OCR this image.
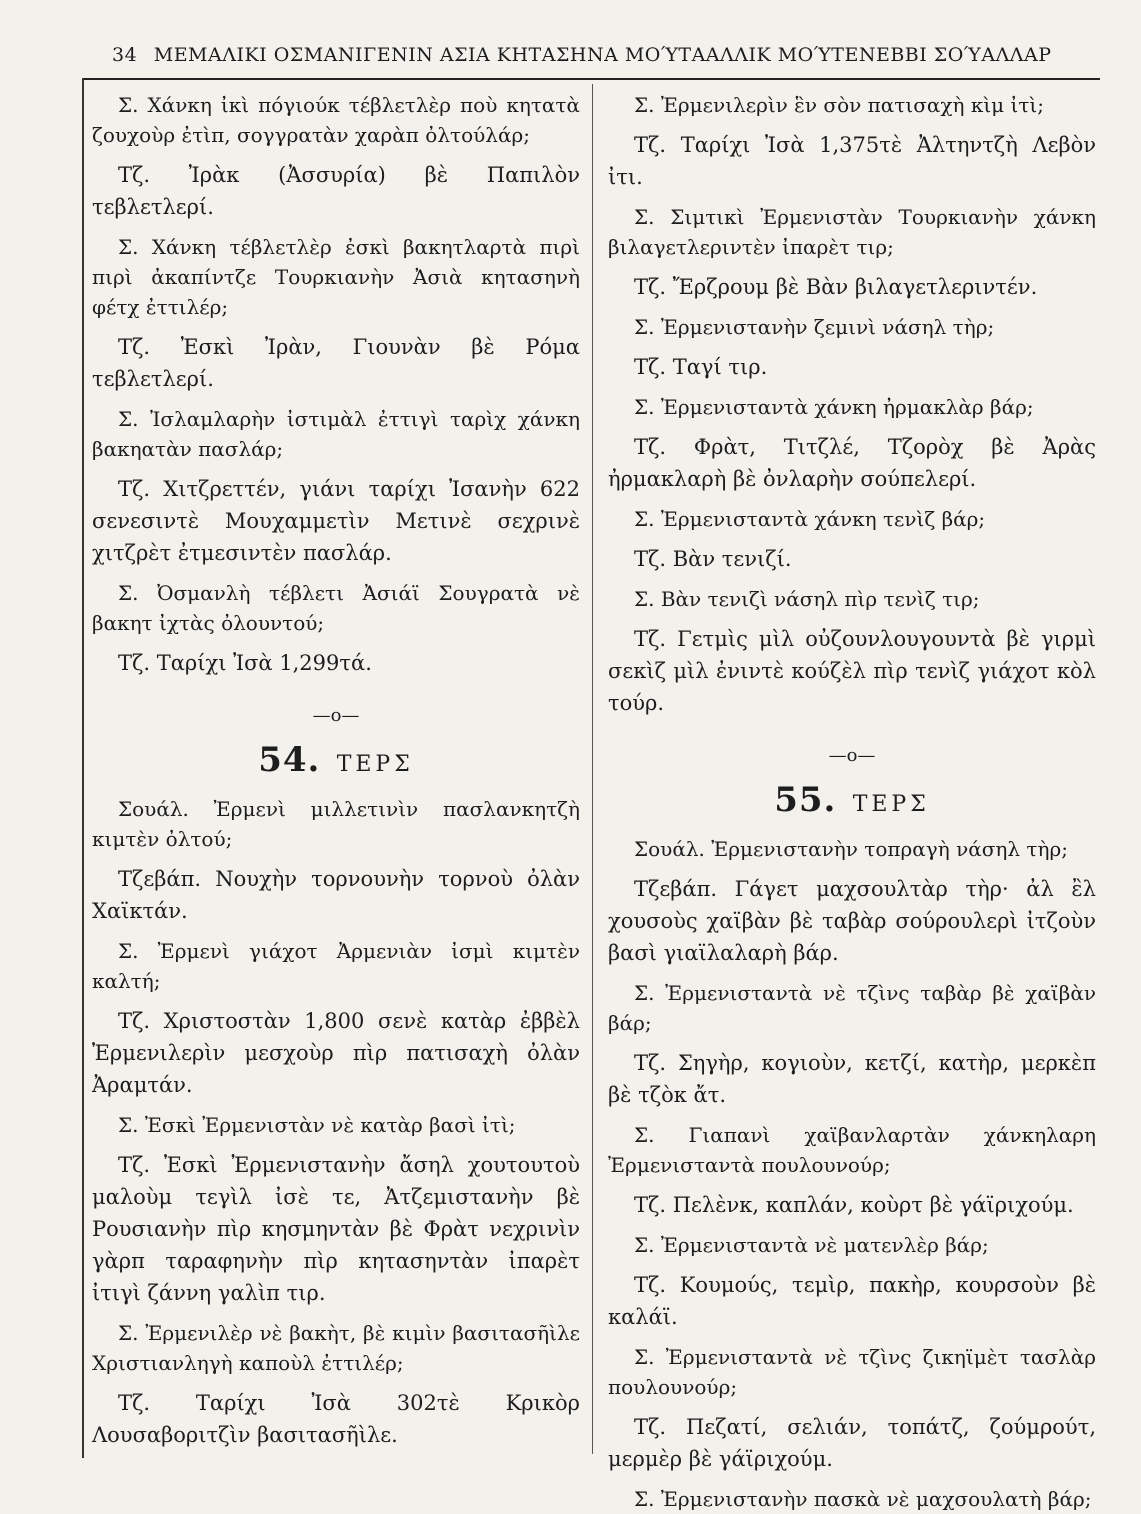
34 ΜΕΜΑΛΙΚΙ ΟΣΜΑΝΙΓΕΝΙΝ ΑΣΙΑ ΚΗΤΑΣΗΝΑ ΜΟΎΤΑΑΛΛΙΚ ΜΟΎΤΕΝΕΒΒΙ ΣΟΎΑΛΛΑΡ

Σ. Χάνκη ἰκὶ πόγιούκ τέβλετλὲρ ποὺ κητατὰ ζουχοὺρ ἐτὶπ, σογγρατὰν χαρὰπ ὀλτούλάρ;

Τζ. Ἰρὰκ (Ἀσσυρία) βὲ Παπιλὸν τεβλετλερί.

Σ. Χάνκη τέβλετλὲρ ἐσκὶ βακητλαρτὰ πιρὶ πιρὶ ἀκαπίντζε Τουρκιανὴν Ἀσιὰ κητασηνὴ φέτχ ἐττιλέρ;

Τζ. Ἐσκὶ Ἰρὰν, Γιουνὰν βὲ Ρόμα τεβλετλερί.

Σ. Ἰσλαμλαρὴν ἰστιμὰλ ἐττιγὶ ταρὶχ χάνκη βακηατὰν πασλάρ;

Τζ. Χιτζρεττέν, γιάνι ταρίχι Ἰσανὴν 622 σενεσιντὲ Μουχαμμετὶν Μετινὲ σεχρινὲ χιτζρὲτ ἐτμεσιντὲν πασλάρ.

Σ. Ὀσμανλὴ τέβλετι Ἀσιάϊ Σουγρατὰ νὲ βακητ ἰχτὰς ὀλουντού;

Τζ. Ταρίχι Ἰσὰ 1,299τά.

—ο—
54. ΤΕΡΣ

Σουάλ. Ἐρμενὶ μιλλετινὶν πασλανκητζὴ κιμτὲν ὀλτού;

Τζεβάπ. Νουχὴν τορνουνὴν τορνοὺ ὀλὰν Χαϊκτάν.

Σ. Ἐρμενὶ γιάχοτ Ἀρμενιὰν ἰσμὶ κιμτὲν καλτή;

Τζ. Χριστοστὰν 1,800 σενὲ κατὰρ ἐββὲλ Ἐρμενιλερὶν μεσχοὺρ πὶρ πατισαχὴ ὀλὰν Ἀραμτάν.

Σ. Ἐσκὶ Ἐρμενιστὰν νὲ κατὰρ βασὶ ἰτὶ;

Τζ. Ἐσκὶ Ἐρμενιστανὴν ἄσηλ χουτουτοὺ μαλοὺμ τεγὶλ ἰσὲ τε, Ἀτζεμιστανὴν βὲ Ρουσιανὴν πὶρ κησμηντὰν βὲ Φρὰτ νεχρινὶν γὰρπ ταραφηνὴν πὶρ κητασηντὰν ἰπαρὲτ ἰτιγὶ ζάννη γαλὶπ τιρ.

Σ. Ἐρμενιλὲρ νὲ βακὴτ, βὲ κιμὶν βασιτασῆὶλε Χριστιανληγὴ καποὺλ ἐττιλέρ;

Τζ. Ταρίχι Ἰσὰ 302τὲ Κρικὸρ Λουσαβοριτζὶν βασιτασῆὶλε.

Σ. Ἐρμενιλερὶν ἓν σὸν πατισαχὴ κὶμ ἰτὶ;

Τζ. Ταρίχι Ἰσὰ 1,375τὲ Ἀλτηντζὴ Λεβὸν ἰτι.

Σ. Σιμτικὶ Ἐρμενιστὰν Τουρκιανὴν χάνκη βιλαγετλεριντὲν ἰπαρὲτ τιρ;

Τζ. Ἔρζρουμ βὲ Βὰν βιλαγετλεριντέν.

Σ. Ἐρμενιστανὴν ζεμινὶ νάσηλ τὴρ;

Τζ. Ταγί τιρ.

Σ. Ἐρμενισταντὰ χάνκη ἠρμακλὰρ βάρ;

Τζ. Φρὰτ, Τιτζλέ, Τζορὸχ βὲ Ἀρὰς ἠρμακλαρὴ βὲ ὀνλαρὴν σούπελερί.

Σ. Ἐρμενισταντὰ χάνκη τενὶζ βάρ;

Τζ. Βὰν τενιζί.

Σ. Βὰν τενιζὶ νάσηλ πὶρ τενὶζ τιρ;

Τζ. Γετμὶς μὶλ οὐζουνλουγουντὰ βὲ γιρμὶ σεκὶζ μὶλ ἐνιντὲ κούζὲλ πὶρ τενὶζ γιάχοτ κὸλ τούρ.

—ο—
55. ΤΕΡΣ

Σουάλ. Ἐρμενιστανὴν τοπραγὴ νάσηλ τὴρ;

Τζεβάπ. Γάγετ μαχσουλτὰρ τὴρ· ἀλ ἒλ χουσοὺς χαϊβὰν βὲ ταβὰρ σούρουλερὶ ἰτζοὺν βασὶ γιαϊλαλαρὴ βάρ.

Σ. Ἐρμενισταντὰ νὲ τζὶνς ταβὰρ βὲ χαϊβὰν βάρ;

Τζ. Σηγὴρ, κογιοὺν, κετζί, κατὴρ, μερκὲπ βὲ τζὸκ ἄτ.

Σ. Γιαπανὶ χαϊβανλαρτὰν χάνκηλαρη Ἐρμενισταντὰ πουλουνούρ;

Τζ. Πελὲνκ, καπλάν, κοὺρτ βὲ γάϊριχούμ.

Σ. Ἐρμενισταντὰ νὲ ματενλὲρ βάρ;

Τζ. Κουμούς, τεμὶρ, πακὴρ, κουρσοὺν βὲ καλάϊ.

Σ. Ἐρμενισταντὰ νὲ τζὶνς ζικηϊμὲτ τασλὰρ πουλουνούρ;

Τζ. Πεζατί, σελιάν, τοπάτζ, ζούμρούτ, μερμὲρ βὲ γάϊριχούμ.

Σ. Ἐρμενιστανὴν πασκὰ νὲ μαχσουλατὴ βάρ;
